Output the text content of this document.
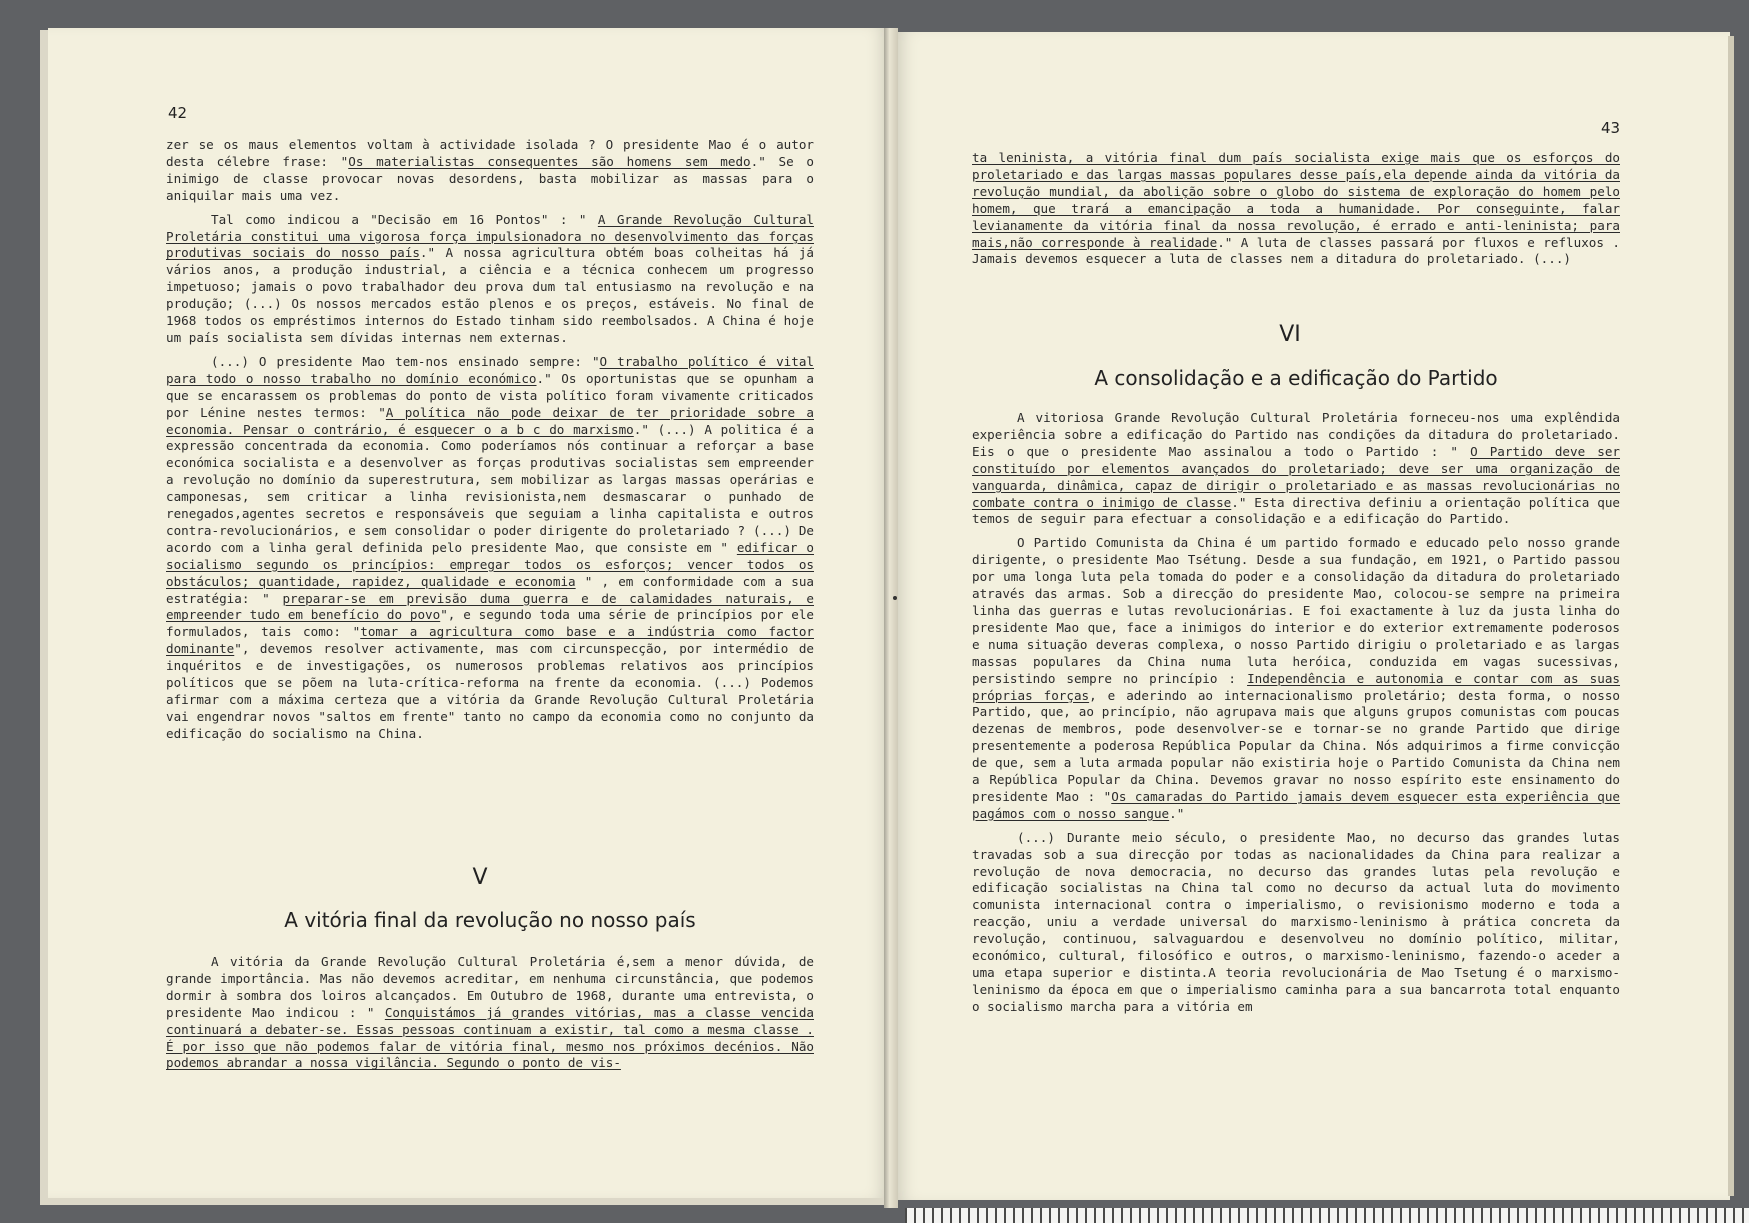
42

zer se os maus elementos voltam à actividade isolada ? O presidente Mao é o autor desta célebre frase: "Os materialistas consequentes são homens sem medo." Se o inimigo de classe provocar novas desordens, basta mobilizar as massas para o aniquilar mais uma vez.

Tal como indicou a "Decisão em 16 Pontos" : " A Grande Revolução Cultural Proletária constitui uma vigorosa força impulsionadora no desenvolvimento das forças produtivas sociais do nosso país." A nossa agricultura obtém boas colheitas há já vários anos, a produção industrial, a ciência e a técnica conhecem um progresso impetuoso; jamais o povo trabalhador deu prova dum tal entusiasmo na revolução e na produção; (...) Os nossos mercados estão plenos e os preços, estáveis. No final de 1968 todos os empréstimos internos do Estado tinham sido reembolsados. A China é hoje um país socialista sem dívidas internas nem externas.

(...) O presidente Mao tem-nos ensinado sempre: "O trabalho político é vital para todo o nosso trabalho no domínio económico." Os oportunistas que se opunham a que se encarassem os problemas do ponto de vista político foram vivamente criticados por Lénine nestes termos: "A política não pode deixar de ter prioridade sobre a economia. Pensar o contrário, é esquecer o a b c do marxismo." (...) A politica é a expressão concentrada da economia. Como poderíamos nós continuar a reforçar a base económica socialista e a desenvolver as forças produtivas socialistas sem empreender a revolução no domínio da superestrutura, sem mobilizar as largas massas operárias e camponesas, sem criticar a linha revisionista,nem desmascarar o punhado de renegados,agentes secretos e responsáveis que seguiam a linha capitalista e outros contra-revolucionários, e sem consolidar o poder dirigente do proletariado ? (...) De acordo com a linha geral definida pelo presidente Mao, que consiste em " edificar o socialismo segundo os princípios: empregar todos os esforços; vencer todos os obstáculos; quantidade, rapidez, qualidade e economia " , em conformidade com a sua estratégia: " preparar-se em previsão duma guerra e de calamidades naturais, e empreender tudo em benefício do povo", e segundo toda uma série de princípios por ele formulados, tais como: "tomar a agricultura como base e a indústria como factor dominante", devemos resolver activamente, mas com circunspecção, por intermédio de inquéritos e de investigações, os numerosos problemas relativos aos princípios políticos que se põem na luta-crítica-reforma na frente da economia. (...) Podemos afirmar com a máxima certeza que a vitória da Grande Revolução Cultural Proletária vai engendrar novos "saltos em frente" tanto no campo da economia como no conjunto da edificação do socialismo na China.

V
A vitória final da revolução no nosso país

A vitória da Grande Revolução Cultural Proletária é,sem a menor dúvida, de grande importância. Mas não devemos acreditar, em nenhuma circunstância, que podemos dormir à sombra dos loiros alcançados. Em Outubro de 1968, durante uma entrevista, o presidente Mao indicou : " Conquistámos já grandes vitórias, mas a classe vencida continuará a debater-se. Essas pessoas continuam a existir, tal como a mesma classe . É por isso que não podemos falar de vitória final, mesmo nos próximos decénios. Não podemos abrandar a nossa vigilância. Segundo o ponto de vis-

43

ta leninista, a vitória final dum país socialista exige mais que os esforços do proletariado e das largas massas populares desse país,ela depende ainda da vitória da revolução mundial, da abolição sobre o globo do sistema de exploração do homem pelo homem, que trará a emancipação a toda a humanidade. Por conseguinte, falar levianamente da vitória final da nossa revolução, é errado e anti-leninista; para mais,não corresponde à realidade." A luta de classes passará por fluxos e refluxos . Jamais devemos esquecer a luta de classes nem a ditadura do proletariado. (...)

VI
A consolidação e a edificação do Partido

A vitoriosa Grande Revolução Cultural Proletária forneceu-nos uma explêndida experiência sobre a edificação do Partido nas condições da ditadura do proletariado. Eis o que o presidente Mao assinalou a todo o Partido : " O Partido deve ser constituído por elementos avançados do proletariado; deve ser uma organização de vanguarda, dinâmica, capaz de dirigir o proletariado e as massas revolucionárias no combate contra o inimigo de classe." Esta directiva definiu a orientação política que temos de seguir para efectuar a consolidação e a edificação do Partido.

O Partido Comunista da China é um partido formado e educado pelo nosso grande dirigente, o presidente Mao Tsétung. Desde a sua fundação, em 1921, o Partido passou por uma longa luta pela tomada do poder e a consolidação da ditadura do proletariado através das armas. Sob a direcção do presidente Mao, colocou-se sempre na primeira linha das guerras e lutas revolucionárias. E foi exactamente à luz da justa linha do presidente Mao que, face a inimigos do interior e do exterior extremamente poderosos e numa situação deveras complexa, o nosso Partido dirigiu o proletariado e as largas massas populares da China numa luta heróica, conduzida em vagas sucessivas, persistindo sempre no princípio : Independência e autonomia e contar com as suas próprias forças, e aderindo ao internacionalismo proletário; desta forma, o nosso Partido, que, ao princípio, não agrupava mais que alguns grupos comunistas com poucas dezenas de membros, pode desenvolver-se e tornar-se no grande Partido que dirige presentemente a poderosa República Popular da China. Nós adquirimos a firme convicção de que, sem a luta armada popular não existiria hoje o Partido Comunista da China nem a República Popular da China. Devemos gravar no nosso espírito este ensinamento do presidente Mao : "Os camaradas do Partido jamais devem esquecer esta experiência que pagámos com o nosso sangue."

(...) Durante meio século, o presidente Mao, no decurso das grandes lutas travadas sob a sua direcção por todas as nacionalidades da China para realizar a revolução de nova democracia, no decurso das grandes lutas pela revolução e edificação socialistas na China tal como no decurso da actual luta do movimento comunista internacional contra o imperialismo, o revisionismo moderno e toda a reacção, uniu a verdade universal do marxismo-leninismo à prática concreta da revolução, continuou, salvaguardou e desenvolveu no domínio político, militar, económico, cultural, filosófico e outros, o marxismo-leninismo, fazendo-o aceder a uma etapa superior e distinta.A teoria revolucionária de Mao Tsetung é o marxismo-leninismo da época em que o imperialismo caminha para a sua bancarrota total enquanto o socialismo marcha para a vitória em
